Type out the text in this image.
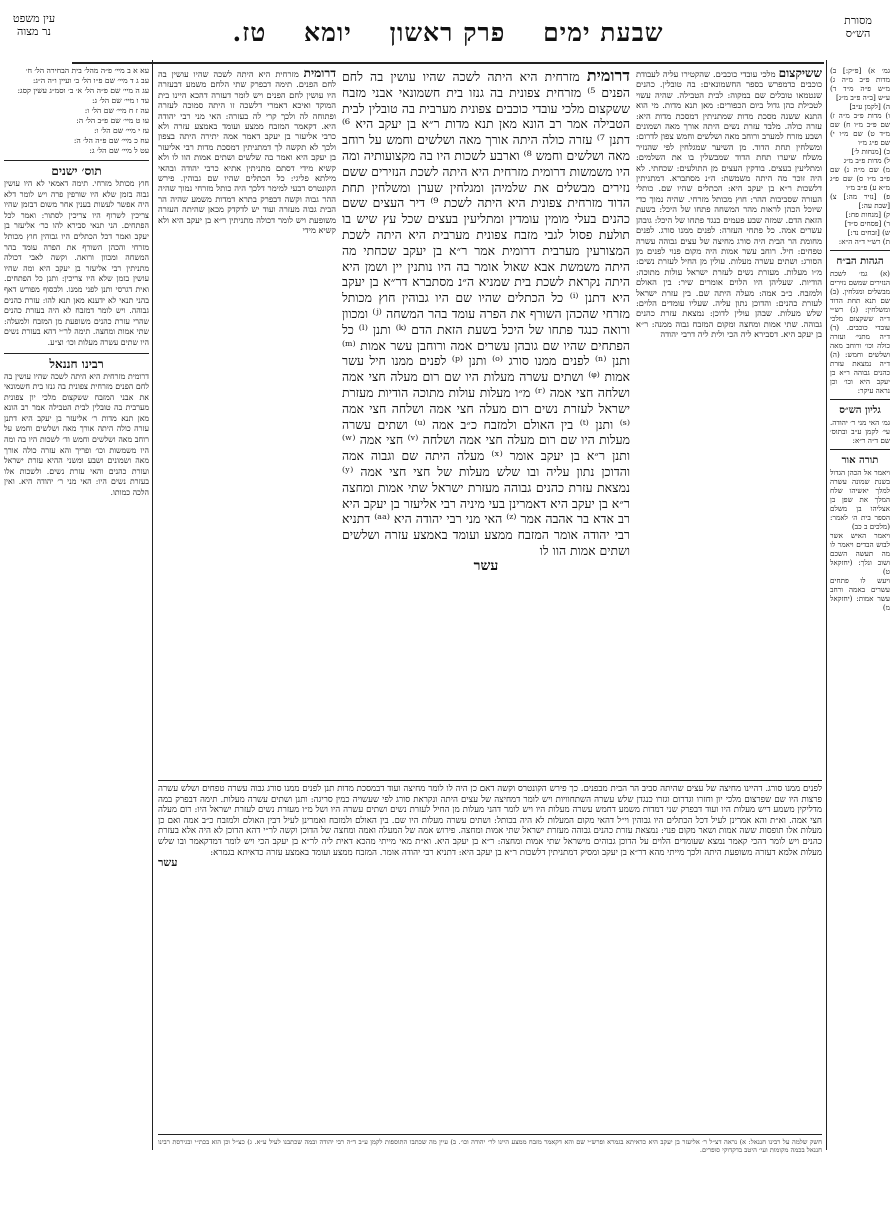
מסורת
הש״ס
שבעת ימים פרק ראשון יומא טז.
עין משפט
נר מצוה

גמ׳ א) [פ״ק:] ב) מדות פ״ב מ״ה ג) מ״ש פ״ה מ״ד ד) ע״ש [ב״ה פ״ב מ״ג]
ה) [לקמן ע״ב]
ו) מדות פ״ב מ״ה ז) שם פ״ב מ״ו ח) שם מ״ד ט) שם מ״ו י) שם פ״ג מ״ו
כ) [מנחות ל׳]
ל) מדות פ״ב מ״ג
מ) שם מ״ה נ) שם פ״ב מ״ו ס) שם פ״ג מ״א ע) פ״ב מ״ו
פ) [נזיר מה:] צ) [שבת עה:]
ק) [מנחות פח:]
ר) [פסחים ס״ד]
ש) [זבחים נד:]
ת) רש״י ד״ה ה״א:

הגהות הב״ח

(א) גמ׳ לשכת הנזירים שמשם נזירים מבשלים ומגלחין. (ב) שם תנא תחת הדוד ומשלחין: (ג) רש״י ד״ה ששקצום מלכי עובדי כוכבים. (ד) ד״ה מתני׳ ועזרה כולה וכו׳ ורוחב מאה ושלשים וחמש: (ה) ד״ה נמצאת עזרת כהנים גבוהה ר״א בן יעקב היא וכו׳ וכן נראה עיקר:

גליון הש״ס

גמ׳ האי מני ר׳ יהודה. עי׳ לקמן ע״ב ובתוס׳ שם ד״ה ר״א:

תורה אור

ויאמר אל הכהן הגדול בשנת שמונה עשרה למלך יאשיהו שלח המלך את שפן בן אצליהו בן משלם הספר בית ה׳ לאמר: (מלכים ב כב)
ויאמר האיש אשר לבוש הבדים ויאמר לו מה תעשה השכם ושוב ונלך: (יחזקאל ט)
ויעש לו פתחים עשרים באמה ורחב עשר אמות: (יחזקאל מ)

עא א ב מיי׳ פ״ה מהל׳ בית הבחירה הל׳ ח׳
עב ג ד מיי׳ שם פ״ו הל׳ ב׳ ועיין ו״ה ה״ג:
עג ה מיי׳ שם פ״ה הל׳ א׳ ב׳ וסמ״ג עשין קסג:
עד ו מיי׳ שם הל׳ ג:
עה ז ח מיי׳ שם הל׳ ו:
עו ט מיי׳ שם פ״ב הל׳ ה:
עז י מיי׳ שם הל׳ ו:
עח כ מיי׳ שם פ״ה הל׳ ה:
עט ל מיי׳ שם הל׳ ג:

תוס׳ ישנים

חוץ מכותל מזרחי. תימה דאמאי לא היו עושין גבוה בזמן שלא היו שורפין פרה ויש לומר דלא היה אפשר לעשות בענין אחר משום דבזמן שהיו צריכין לשרוף היו צריכין לסתור: ואמר לכל הפתחים. הני תנאי סבירא להו כר׳ אליעזר בן יעקב ואמר דכל הכתלים היו גבוהין חוץ מכותל מזרחי והכהן השורף את הפרה עומד בהר המשחה ומכוון ורואה. וקשה לאבי דכולה מתניתין רבי אליעזר בן יעקב היא ומה שהיו עושין בזמן שלא היו צריכין: ותנן כל הפתחים. ואית דגרסי ותנן לפני ממנו. ולבסוף מפורש דאף בהני תנאי לא ידענא מאן תנא להו: עזרת כהנים גבוהה. ויש לומר דמזבח לא היה בעזרת כהנים שהרי עזרת כהנים משופעת מן המזבח ולמעלה: שתי אמות ומחצה. תימה לר״י דהא בעזרת נשים היו שתים עשרה מעלות וכו׳ וצ״ע.

רבינו חננאל

דרומית מזרחית היא היתה לשכה שהיו עושין בה לחם הפנים מזרחית צפונית בה גנזו בית חשמונאי את אבני המזבח ששקצום מלכי יון צפונית מערבית בה טובלין לבית הטבילה אמר רב הונא מאן תנא מדות ר׳ אליעזר בן יעקב היא דתנן עזרה כולה היתה אורך מאה ושלשים וחמש על רוחב מאה ושלשים וחמש וד׳ לשכות היו בה ומה היו משמשות וכו׳ ופריך והא עזרה כולה אורך מאה ושמונים ושבע ומשני ההיא עזרת ישראל ועזרת כהנים והאי עזרת נשים. ולשכות אלו בעזרת נשים היו: האי מני ר׳ יהודה היא. ואין הלכה כמותו.

ששיקצום מלכי עובדי כוכבים. שהקטירו עליה לעבודת כוכבים כדמפרש בספר החשמונאים: בה טובלין. כהנים שנטמאו טובלים שם במקוה: לבית הטבילה. שהיה עשוי לטבילת כהן גדול ביום הכפורים: מאן תנא מדות. מי הוא התנא ששנה מסכת מדות שמתניתין דמסכת מדות היא: עזרה כולה. מלבד עזרת נשים היתה אורך מאה ושמונים ושבע מזרח למערב ורוחב מאה ושלשים וחמש צפון לדרום: ומשלחין תחת הדוד. מן השיער שמגלחין לפי שהנזיר משלח שיערו תחת הדוד שמבשלין בו את השלמים: ומתליעין בעצים. בודקין העצים מן התולעים: שכחתי. לא היה זוכר מה היתה משמשת: ה״נ מסתברא. דמתניתין דלשכות ר״א בן יעקב היא: הכתלים שהיו שם. כותלי העזרה שסביבות ההר: חוץ מכותל מזרחי. שהיה נמוך כדי שיוכל הכהן לראות מהר המשחה פתחו של היכל: בשעת הזאת הדם. שמזה שבע פעמים כנגד פתחו של היכל: גובהן עשרים אמה. כל פתחי העזרה: לפנים ממנו סורג. לפנים מחומת הר הבית היה סורג מחיצה של עצים גבוהה עשרה טפחים: חיל. רוחב עשר אמות היה מקום פנוי לפנים מן הסורג: ושתים עשרה מעלות. עולין מן החיל לעזרת נשים: מ״ו מעלות. מעזרת נשים לעזרת ישראל עולות מתוכה: הודיות. שעליהן היו הלוים אומרים שיר: בין האולם ולמזבח. כ״ב אמה: מעלה היתה שם. בין עזרת ישראל לעזרת כהנים: והדוכן נתון עליה. שעליו עומדים הלוים: שלש מעלות. שבהן עולין לדוכן: נמצאת עזרת כהנים גבוהה. שתי אמות ומחצה ומקום המזבח גבוה ממנה: ר״א בן יעקב היא. דסבירא ליה הכי ולית ליה דרבי יהודה

דרומית מזרחית היא היתה לשכה שהיו עושין בה לחם הפנים. תימה דבפרק שתי הלחם משמע דבעזרה היו עושין לחם הפנים ויש לומר דעזרה דהכא היינו בית המוקד ואיכא דאמרי דלשכה זו היתה סמוכה לעזרה ופתוחה לה ולכך קרי לה בעזרה: האי מני רבי יהודה היא. דקאמר המזבח ממצע ועומד באמצע עזרה ולא כרבי אליעזר בן יעקב דאמר אמה יתירה היתה בצפון ולכך לא תקשה לך דמתניתין דמסכת מדות רבי אליעזר בן יעקב היא ואמר בה שלשים ושתים אמות הוו לו ולא קשיא מידי דסתם מתניתין אתיא כרבי יהודה ובהאי מילתא פליגי: כל הכתלים שהיו שם גבוהין. פירש הקונטרס דבעי למימר דלכך היה כותל מזרחי נמוך שהיה ההר גבוה וקשה דבפרק בתרא דמדות משמע שהיה הר הבית גבוה מעזרה ועוד יש לדקדק מכאן שהיתה העזרה משופעת ויש לומר דכולה מתניתין ר״א בן יעקב היא ולא קשיא מידי

דרומית מזרחית היא היתה לשכה שהיו עושין בה לחם הפנים ⁵⁾ מזרחית צפונית בה גנזו בית חשמונאי אבני מזבח ששקצום מלכי עובדי כוכבים צפונית מערבית בה טובלין לבית הטבילה אמר רב הונא מאן תנא מדות ר״א בן יעקב היא ⁶⁾ דתנן ⁷⁾ עזרה כולה היתה אורך מאה ושלשים וחמש על רוחב מאה ושלשים וחמש ⁸⁾ וארבע לשכות היו בה מקצועותיה ומה היו משמשות דרומית מזרחית היא היתה לשכת הנזירים ששם נזירים מבשלים את שלמיהן ומגלחין שערן ומשלחין תחת הדוד מזרחית צפונית היא היתה לשכת ⁹⁾ דיר העצים ששם כהנים בעלי מומין עומדין ומתליעין בעצים שכל עץ שיש בו תולעת פסול לגבי מזבח צפונית מערבית היא היתה לשכת המצורעין מערבית דרומית אמר ר״א בן יעקב שכחתי מה היתה משמשת אבא שאול אומר בה היו נותנין יין ושמן היא היתה נקראת לשכת בית שמניא ה״נ מסתברא דר״א בן יעקב היא דתנן ⁽ⁱ⁾ כל הכתלים שהיו שם היו גבוהין חוץ מכותל מזרחי שהכהן השורף את הפרה עומד בהר המשחה ⁽ʲ⁾ ומכוון ורואה כנגד פתחו של היכל בשעת הזאת הדם ⁽ᵏ⁾ ותנן ⁽ˡ⁾ כל הפתחים שהיו שם גובהן עשרים אמה ורוחבן עשר אמות ⁽ᵐ⁾ ותנן ⁽ⁿ⁾ לפנים ממנו סורג ⁽ᵒ⁾ ותנן ⁽ᵖ⁾ לפנים ממנו חיל עשר אמות ⁽ᵠ⁾ ושתים עשרה מעלות היו שם רום מעלה חצי אמה ושלחה חצי אמה ⁽ʳ⁾ מ״ו מעלות עולות מתוכה הודיות מעזרת ישראל לעזרת נשים רום מעלה חצי אמה ושלחה חצי אמה ⁽ˢ⁾ ותנן ⁽ᵗ⁾ בין האולם ולמזבח כ״ב אמה ⁽ᵘ⁾ ושתים עשרה מעלות היו שם רום מעלה חצי אמה ושלחה ⁽ᵛ⁾ חצי אמה ⁽ʷ⁾ ותנן ר״א בן יעקב אומר ⁽ˣ⁾ מעלה היתה שם וגבוה אמה והדוכן נתון עליה ובו שלש מעלות של חצי חצי אמה ⁽ʸ⁾ נמצאת עזרת כהנים גבוהה מעזרת ישראל שתי אמות ומחצה ר״א בן יעקב היא דאמרינן בעי מיניה רבי אליעזר בן יעקב היא רב אדא בר אהבה אמר ⁽ᶻ⁾ האי מני רבי יהודה היא ⁽ᵃᵃ⁾ דתניא רבי יהודה אומר המזבח ממצע ועומד באמצע עזרה ושלשים ושתים אמות הוו לו

עשר

לפנים ממנו סורג. דהיינו מחיצה של עצים שהיתה סביב הר הבית מבפנים. כך פירש הקונטרס וקשה דאם כן היה לו לומר מחיצה ועוד דבמסכת מדות תנן לפנים ממנו סורג גבוה עשרה טפחים ושלש עשרה פרצות היו שם שפרצום מלכי יון וחזרו וגדרום וגזרו כנגדן שלש עשרה השתחוויות ויש לומר דמחיצה של עצים היתה ונקראת סורג לפי שעשויה כמין סריגה: ותנן ושתים עשרה מעלות. תימה דבפרק במה מדליקין משמע דיש מעלות היו ועוד דבפרק שני דמדות משמע דחמש עשרה מעלות היו ויש לומר דהני מעלות מן החיל לעזרת נשים ושתים עשרה היו ושל מ״ו מעזרת נשים לעזרת ישראל היו: רום מעלה חצי אמה. וא״ת והא אמרינן לעיל דכל הכתלים היו גבוהין וי״ל דהאי מקום המעלות לא היה בכותל: ושתים עשרה מעלות היו שם. בין האולם ולמזבח ואמרינן לעיל דבין האולם ולמזבח כ״ב אמה ואם כן מעלות אלו תופסות ששה אמות ושאר מקום פנוי: נמצאת עזרת כהנים גבוהה מעזרת ישראל שתי אמות ומחצה. פירוש אמה של המעלה ואמה ומחצה של הדוכן וקשה לר״י דהא הדוכן לא היה אלא בעזרת כהנים ויש לומר דהכי קאמר נמצא שעומדים הלוים על הדוכן גבוהים מישראל שתי אמות ומחצה: ר״א בן יעקב היא. וא״ת מאי מייתי מהכא דאית ליה לר״א בן יעקב הכי ויש לומר דמדקאמר ובו שלש מעלות אלמא דעזרה משופעת היתה ולכך מייתי מהא דר״א בן יעקב ומסיק דמתניתין דלשכות ר״א בן יעקב היא: דתניא רבי יהודה אומר. המזבח ממצע ועומד באמצע עזרה כדאיתא בגמרא:

עשר

חשק שלמה על רבינו חננאל: א) נראה דצ״ל ר׳ אליעזר בן יעקב היא כדאיתא בגמרא ופרש״י שם והא דקאמר מזבח ממצע היינו לר׳ יהודה וכו׳. ב) עיין מה שכתבו התוספות לקמן ע״ב ד״ה רבי יהודה ובמה שכתבנו לעיל ע״א. ג) כצ״ל וכן הוא בכת״י ובגירסת רבינו חננאל בכמה מקומות ועי׳ היטב בדקדוקי סופרים.
